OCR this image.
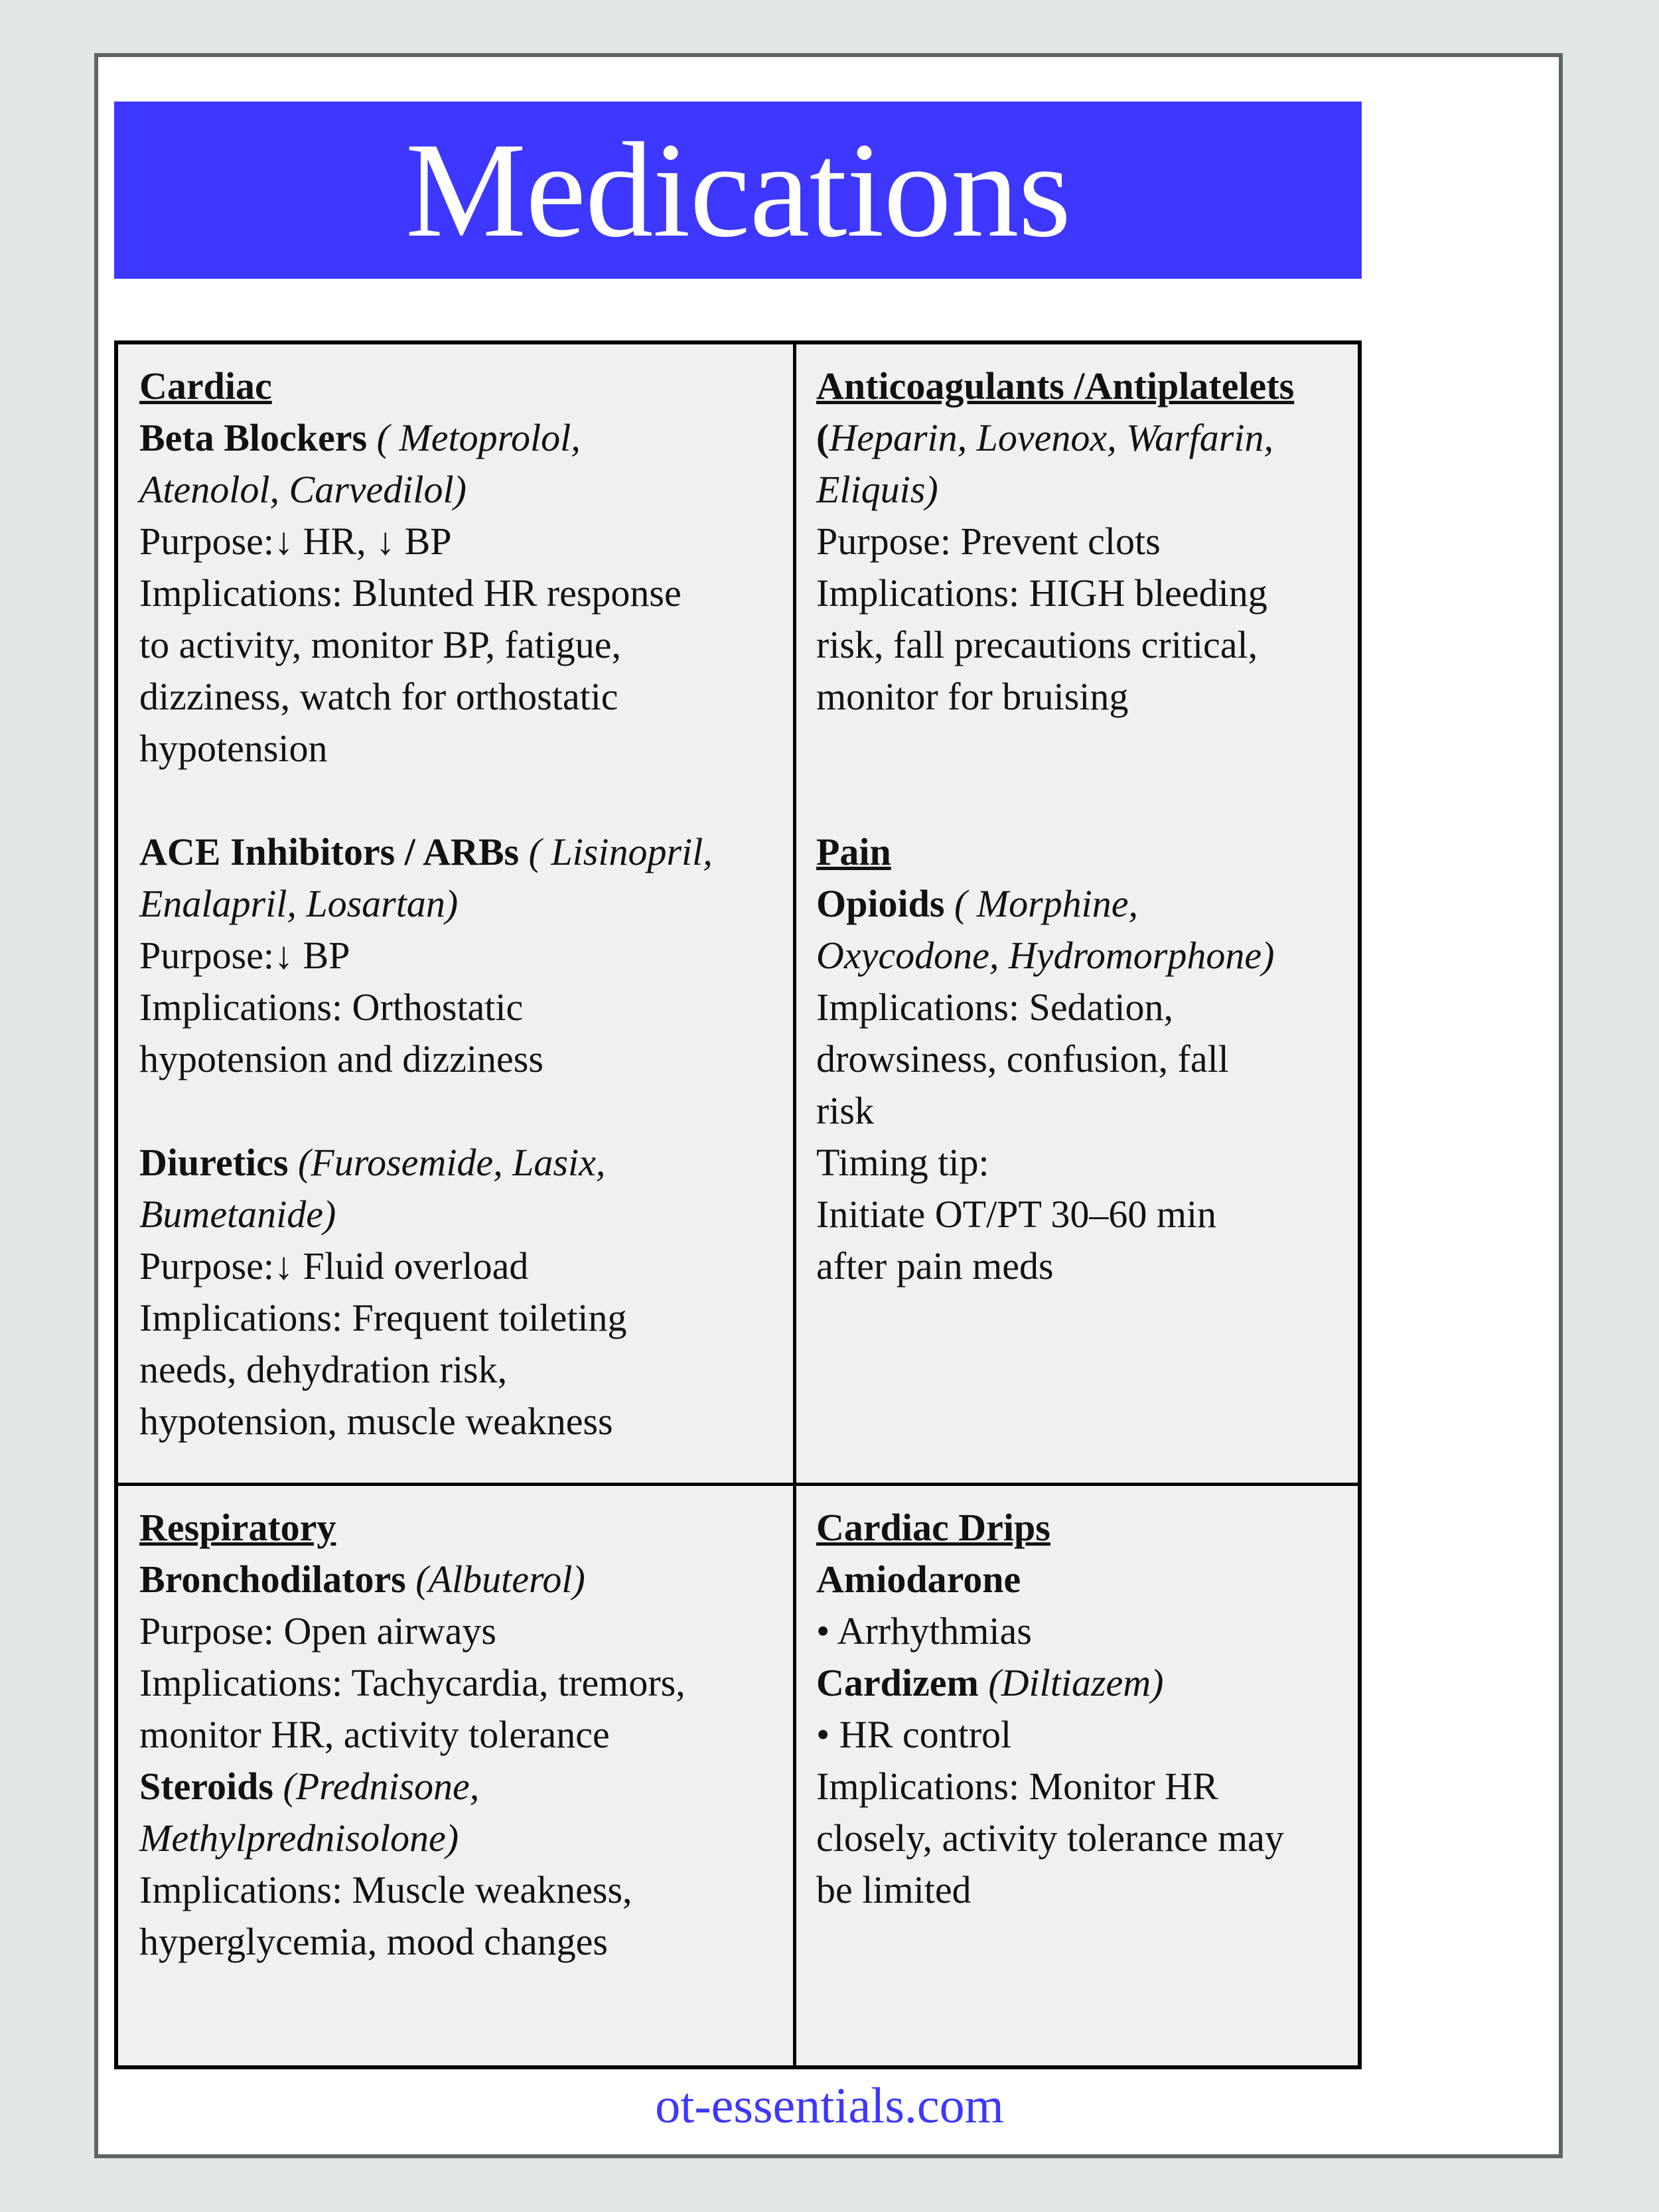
Medications
Cardiac
Beta Blockers ( Metoprolol,
Atenolol, Carvedilol)
Purpose:↓ HR, ↓ BP
Implications: Blunted HR response
to activity, monitor BP, fatigue,
dizziness, watch for orthostatic
hypotension
ACE Inhibitors / ARBs ( Lisinopril,
Enalapril, Losartan)
Purpose:↓ BP
Implications: Orthostatic
hypotension and dizziness
Diuretics (Furosemide, Lasix,
Bumetanide)
Purpose:↓ Fluid overload
Implications: Frequent toileting
needs, dehydration risk,
hypotension, muscle weakness
Anticoagulants /Antiplatelets
(Heparin, Lovenox, Warfarin,
Eliquis)
Purpose: Prevent clots
Implications: HIGH bleeding
risk, fall precautions critical,
monitor for bruising
Pain
Opioids ( Morphine,
Oxycodone, Hydromorphone)
Implications: Sedation,
drowsiness, confusion, fall
risk
Timing tip:
Initiate OT/PT 30–60 min
after pain meds
Respiratory
Bronchodilators (Albuterol)
Purpose: Open airways
Implications: Tachycardia, tremors,
monitor HR, activity tolerance
Steroids (Prednisone,
Methylprednisolone)
Implications: Muscle weakness,
hyperglycemia, mood changes
Cardiac Drips
Amiodarone
• Arrhythmias
Cardizem (Diltiazem)
• HR control
Implications: Monitor HR
closely, activity tolerance may
be limited
ot-essentials.com
